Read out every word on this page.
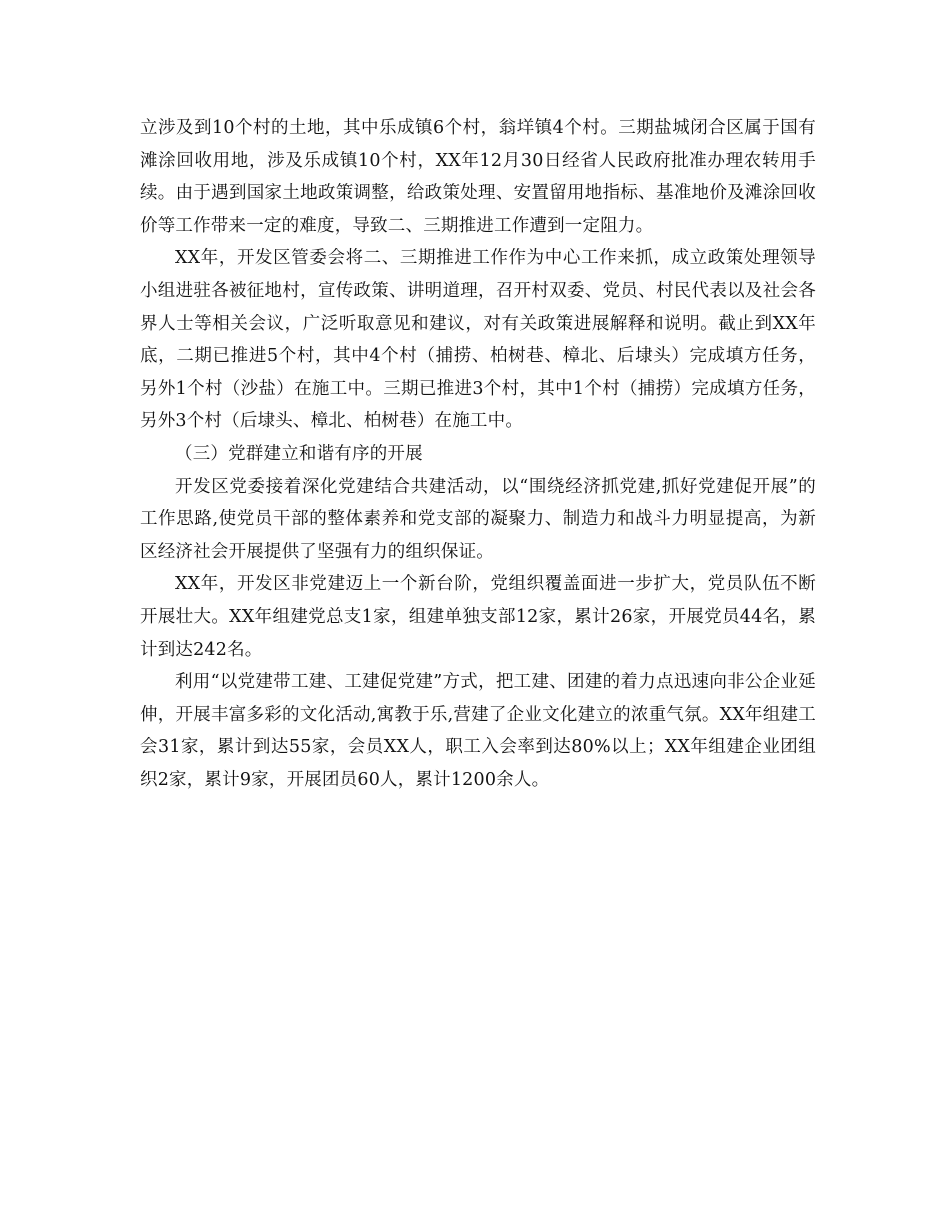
立涉及到10个村的土地，其中乐成镇6个村，翁垟镇4个村。三期盐城闭合区属于国有滩涂回收用地，涉及乐成镇10个村，XX年12月30日经省人民政府批准办理农转用手续。由于遇到国家土地政策调整，给政策处理、安置留用地指标、基准地价及滩涂回收价等工作带来一定的难度，导致二、三期推进工作遭到一定阻力。

XX年，开发区管委会将二、三期推进工作作为中心工作来抓，成立政策处理领导小组进驻各被征地村，宣传政策、讲明道理，召开村双委、党员、村民代表以及社会各界人士等相关会议，广泛听取意见和建议，对有关政策进展解释和说明。截止到XX年底，二期已推进5个村，其中4个村（捕捞、柏树巷、樟北、后埭头）完成填方任务，另外1个村（沙盐）在施工中。三期已推进3个村，其中1个村（捕捞）完成填方任务，另外3个村（后埭头、樟北、柏树巷）在施工中。

（三）党群建立和谐有序的开展

开发区党委接着深化党建结合共建活动，以“围绕经济抓党建,抓好党建促开展”的工作思路,使党员干部的整体素养和党支部的凝聚力、制造力和战斗力明显提高，为新区经济社会开展提供了坚强有力的组织保证。

XX年，开发区非党建迈上一个新台阶，党组织覆盖面进一步扩大，党员队伍不断开展壮大。XX年组建党总支1家，组建单独支部12家，累计26家，开展党员44名，累计到达242名。

利用“以党建带工建、工建促党建”方式，把工建、团建的着力点迅速向非公企业延伸，开展丰富多彩的文化活动,寓教于乐,营建了企业文化建立的浓重气氛。XX年组建工会31家，累计到达55家，会员XX人，职工入会率到达80%以上；XX年组建企业团组织2家，累计9家，开展团员60人，累计1200余人。
